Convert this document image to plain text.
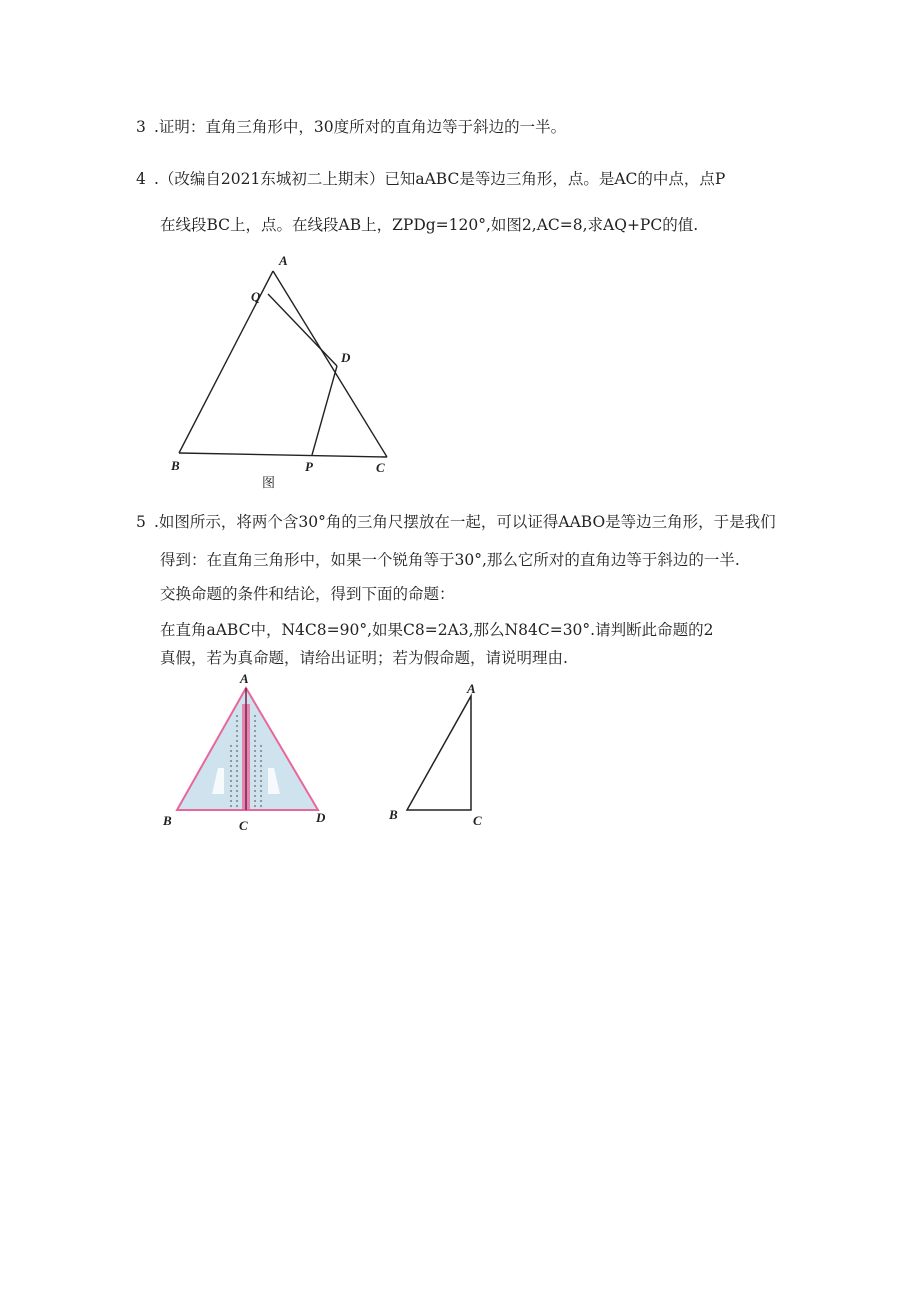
3 .证明：直角三角形中，30度所对的直角边等于斜边的一半。
4 .（改编自2021东城初二上期末）已知aABC是等边三角形，点。是AC的中点，点P
在线段BC上，点。在线段AB上，ZPDg=120°,如图2,AC=8,求AQ+PC的值.
A
Q
D
B	P	C
图
5 .如图所示，将两个含30°角的三角尺摆放在一起，可以证得AABO是等边三角形，于是我们
得到：在直角三角形中，如果一个锐角等于30°,那么它所对的直角边等于斜边的一半.
交换命题的条件和结论，得到下面的命题：
在直角aABC中，N4C8=90°,如果C8=2A3,那么N84C=30°.请判断此命题的2
真假，若为真命题，请给出证明；若为假命题，请说明理由.
A
B	C
D
A
B	C
